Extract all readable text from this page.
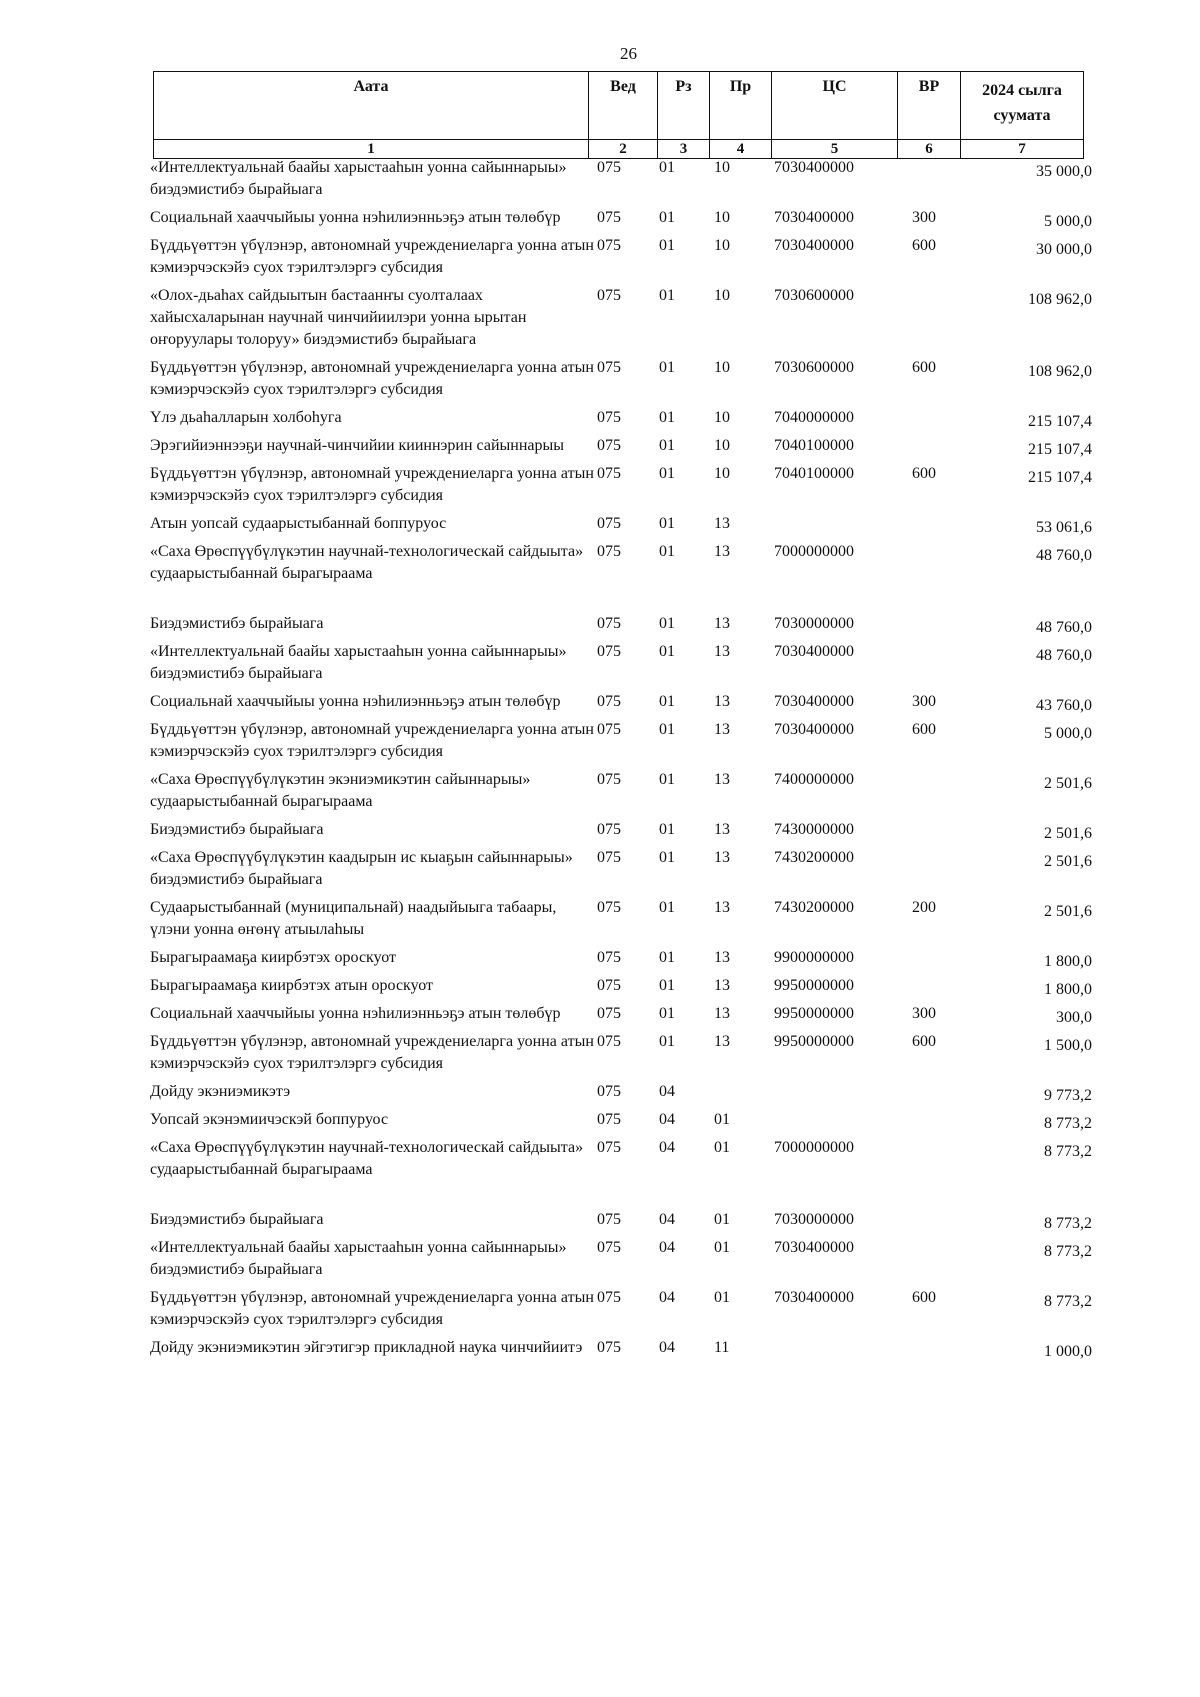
26
Аата	Вед	Рз	Пр	ЦС	ВР	2024 сылга суумата
1	2	3	4	5	6	7
«Интеллектуальнай баайы харыстааһын уонна сайыннарыы» биэдэмистибэ бырайыага	075	01	10	7030400000		35 000,0
Социальнай хааччыйыы уонна нэһилиэнньэҕэ атын төлөбүр	075	01	10	7030400000	300	5 000,0
Бүддьүөттэн үбүлэнэр, автономнай учреждениеларга уонна атын кэмиэрчэскэйэ суох тэрилтэлэргэ субсидия	075	01	10	7030400000	600	30 000,0
«Олох-дьаһах сайдыытын бастаанҥы суолталаах хайысхаларынан научнай чинчийиилэри уонна ырытан оҥоруулары толоруу» биэдэмистибэ бырайыага	075	01	10	7030600000		108 962,0
Бүддьүөттэн үбүлэнэр, автономнай учреждениеларга уонна атын кэмиэрчэскэйэ суох тэрилтэлэргэ субсидия	075	01	10	7030600000	600	108 962,0
Үлэ дьаһалларын холбоһуга	075	01	10	7040000000		215 107,4
Эрэгийиэннээҕи научнай-чинчийии кииннэрин сайыннарыы	075	01	10	7040100000		215 107,4
Бүддьүөттэн үбүлэнэр, автономнай учреждениеларга уонна атын кэмиэрчэскэйэ суох тэрилтэлэргэ субсидия	075	01	10	7040100000	600	215 107,4
Атын уопсай судаарыстыбаннай боппуруос	075	01	13			53 061,6
«Саха Өрөспүүбүлүкэтин научнай-технологическай сайдыыта» судаарыстыбаннай бырагыраама	075	01	13	7000000000		48 760,0
Биэдэмистибэ бырайыага	075	01	13	7030000000		48 760,0
«Интеллектуальнай баайы харыстааһын уонна сайыннарыы» биэдэмистибэ бырайыага	075	01	13	7030400000		48 760,0
Социальнай хааччыйыы уонна нэһилиэнньэҕэ атын төлөбүр	075	01	13	7030400000	300	43 760,0
Бүддьүөттэн үбүлэнэр, автономнай учреждениеларга уонна атын кэмиэрчэскэйэ суох тэрилтэлэргэ субсидия	075	01	13	7030400000	600	5 000,0
«Саха Өрөспүүбүлүкэтин экэниэмикэтин сайыннарыы» судаарыстыбаннай бырагыраама	075	01	13	7400000000		2 501,6
Биэдэмистибэ бырайыага	075	01	13	7430000000		2 501,6
«Саха Өрөспүүбүлүкэтин каадырын ис кыаҕын сайыннарыы» биэдэмистибэ бырайыага	075	01	13	7430200000		2 501,6
Судаарыстыбаннай (муниципальнай) наадыйыыга табаары, үлэни уонна өҥөнү атыылаһыы	075	01	13	7430200000	200	2 501,6
Бырагыраамаҕа киирбэтэх ороскуот	075	01	13	9900000000		1 800,0
Бырагыраамаҕа киирбэтэх атын ороскуот	075	01	13	9950000000		1 800,0
Социальнай хааччыйыы уонна нэһилиэнньэҕэ атын төлөбүр	075	01	13	9950000000	300	300,0
Бүддьүөттэн үбүлэнэр, автономнай учреждениеларга уонна атын кэмиэрчэскэйэ суох тэрилтэлэргэ субсидия	075	01	13	9950000000	600	1 500,0
Дойду экэниэмикэтэ	075	04				9 773,2
Уопсай экэнэмиичэскэй боппуруос	075	04	01			8 773,2
«Саха Өрөспүүбүлүкэтин научнай-технологическай сайдыыта» судаарыстыбаннай бырагыраама	075	04	01	7000000000		8 773,2
Биэдэмистибэ бырайыага	075	04	01	7030000000		8 773,2
«Интеллектуальнай баайы харыстааһын уонна сайыннарыы» биэдэмистибэ бырайыага	075	04	01	7030400000		8 773,2
Бүддьүөттэн үбүлэнэр, автономнай учреждениеларга уонна атын кэмиэрчэскэйэ суох тэрилтэлэргэ субсидия	075	04	01	7030400000	600	8 773,2
Дойду экэниэмикэтин эйгэтигэр прикладной наука чинчийиитэ	075	04	11			1 000,0
